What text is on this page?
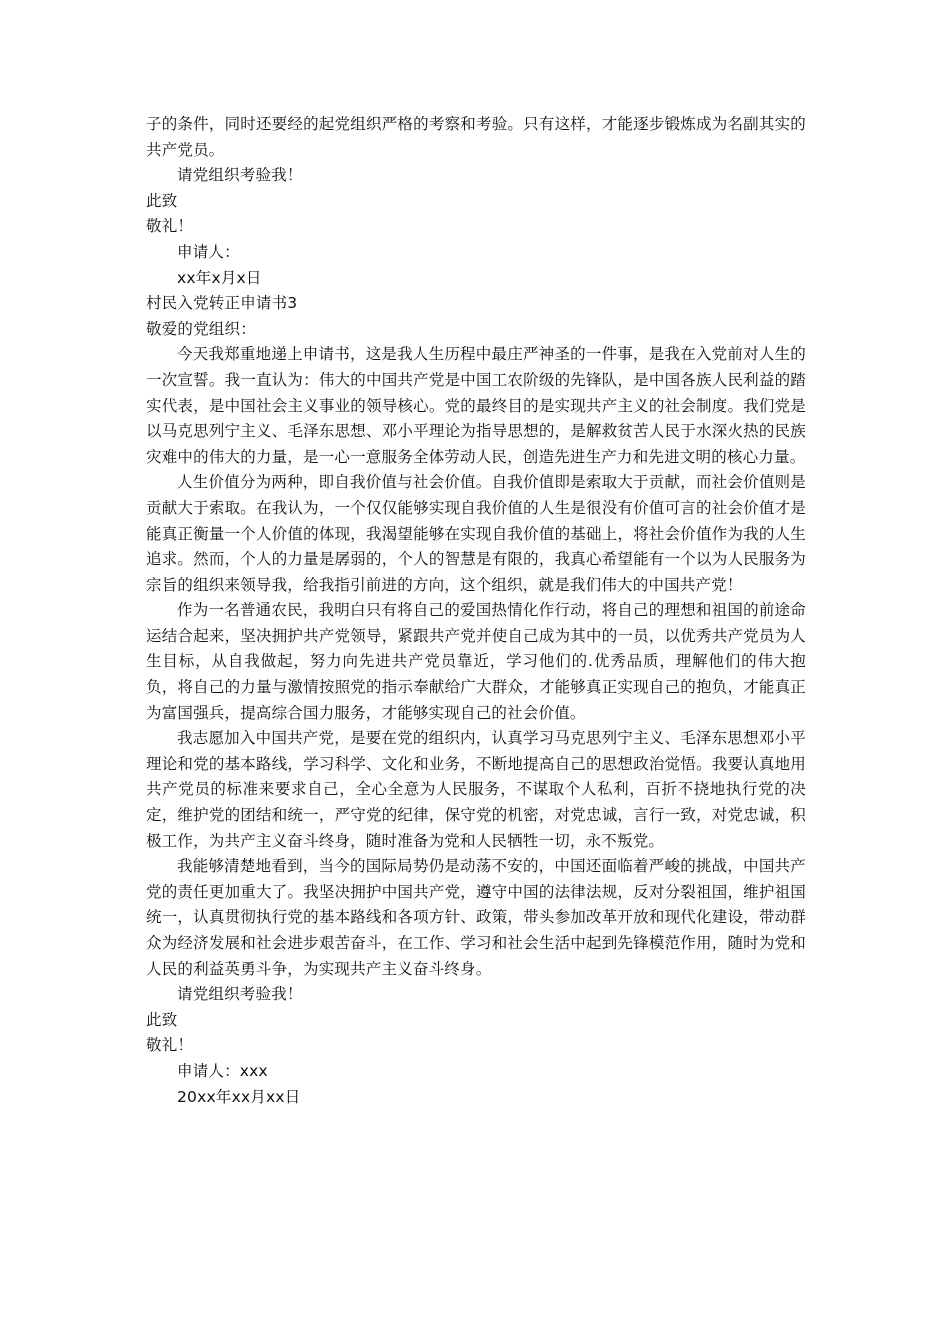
子的条件，同时还要经的起党组织严格的考察和考验。只有这样，才能逐步锻炼成为名副其实的共产党员。

请党组织考验我！

此致

敬礼！

申请人：

xx年x月x日

村民入党转正申请书3

敬爱的党组织：

今天我郑重地递上申请书，这是我人生历程中最庄严神圣的一件事，是我在入党前对人生的一次宣誓。我一直认为：伟大的中国共产党是中国工农阶级的先锋队，是中国各族人民利益的踏实代表，是中国社会主义事业的领导核心。党的最终目的是实现共产主义的社会制度。我们党是以马克思列宁主义、毛泽东思想、邓小平理论为指导思想的，是解救贫苦人民于水深火热的民族灾难中的伟大的力量，是一心一意服务全体劳动人民，创造先进生产力和先进文明的核心力量。

人生价值分为两种，即自我价值与社会价值。自我价值即是索取大于贡献，而社会价值则是贡献大于索取。在我认为，一个仅仅能够实现自我价值的人生是很没有价值可言的社会价值才是能真正衡量一个人价值的体现，我渴望能够在实现自我价值的基础上，将社会价值作为我的人生追求。然而，个人的力量是孱弱的，个人的智慧是有限的，我真心希望能有一个以为人民服务为宗旨的组织来领导我，给我指引前进的方向，这个组织，就是我们伟大的中国共产党！

作为一名普通农民，我明白只有将自己的爱国热情化作行动，将自己的理想和祖国的前途命运结合起来，坚决拥护共产党领导，紧跟共产党并使自己成为其中的一员，以优秀共产党员为人生目标，从自我做起，努力向先进共产党员靠近，学习他们的.优秀品质，理解他们的伟大抱负，将自己的力量与激情按照党的指示奉献给广大群众，才能够真正实现自己的抱负，才能真正为富国强兵，提高综合国力服务，才能够实现自己的社会价值。

我志愿加入中国共产党，是要在党的组织内，认真学习马克思列宁主义、毛泽东思想邓小平理论和党的基本路线，学习科学、文化和业务，不断地提高自己的思想政治觉悟。我要认真地用共产党员的标准来要求自己，全心全意为人民服务，不谋取个人私利，百折不挠地执行党的决定，维护党的团结和统一，严守党的纪律，保守党的机密，对党忠诚，言行一致，对党忠诚，积极工作，为共产主义奋斗终身，随时准备为党和人民牺牲一切，永不叛党。

我能够清楚地看到，当今的国际局势仍是动荡不安的，中国还面临着严峻的挑战，中国共产党的责任更加重大了。我坚决拥护中国共产党，遵守中国的法律法规，反对分裂祖国，维护祖国统一，认真贯彻执行党的基本路线和各项方针、政策，带头参加改革开放和现代化建设，带动群众为经济发展和社会进步艰苦奋斗，在工作、学习和社会生活中起到先锋模范作用，随时为党和人民的利益英勇斗争，为实现共产主义奋斗终身。

请党组织考验我！

此致

敬礼！

申请人：xxx

20xx年xx月xx日
